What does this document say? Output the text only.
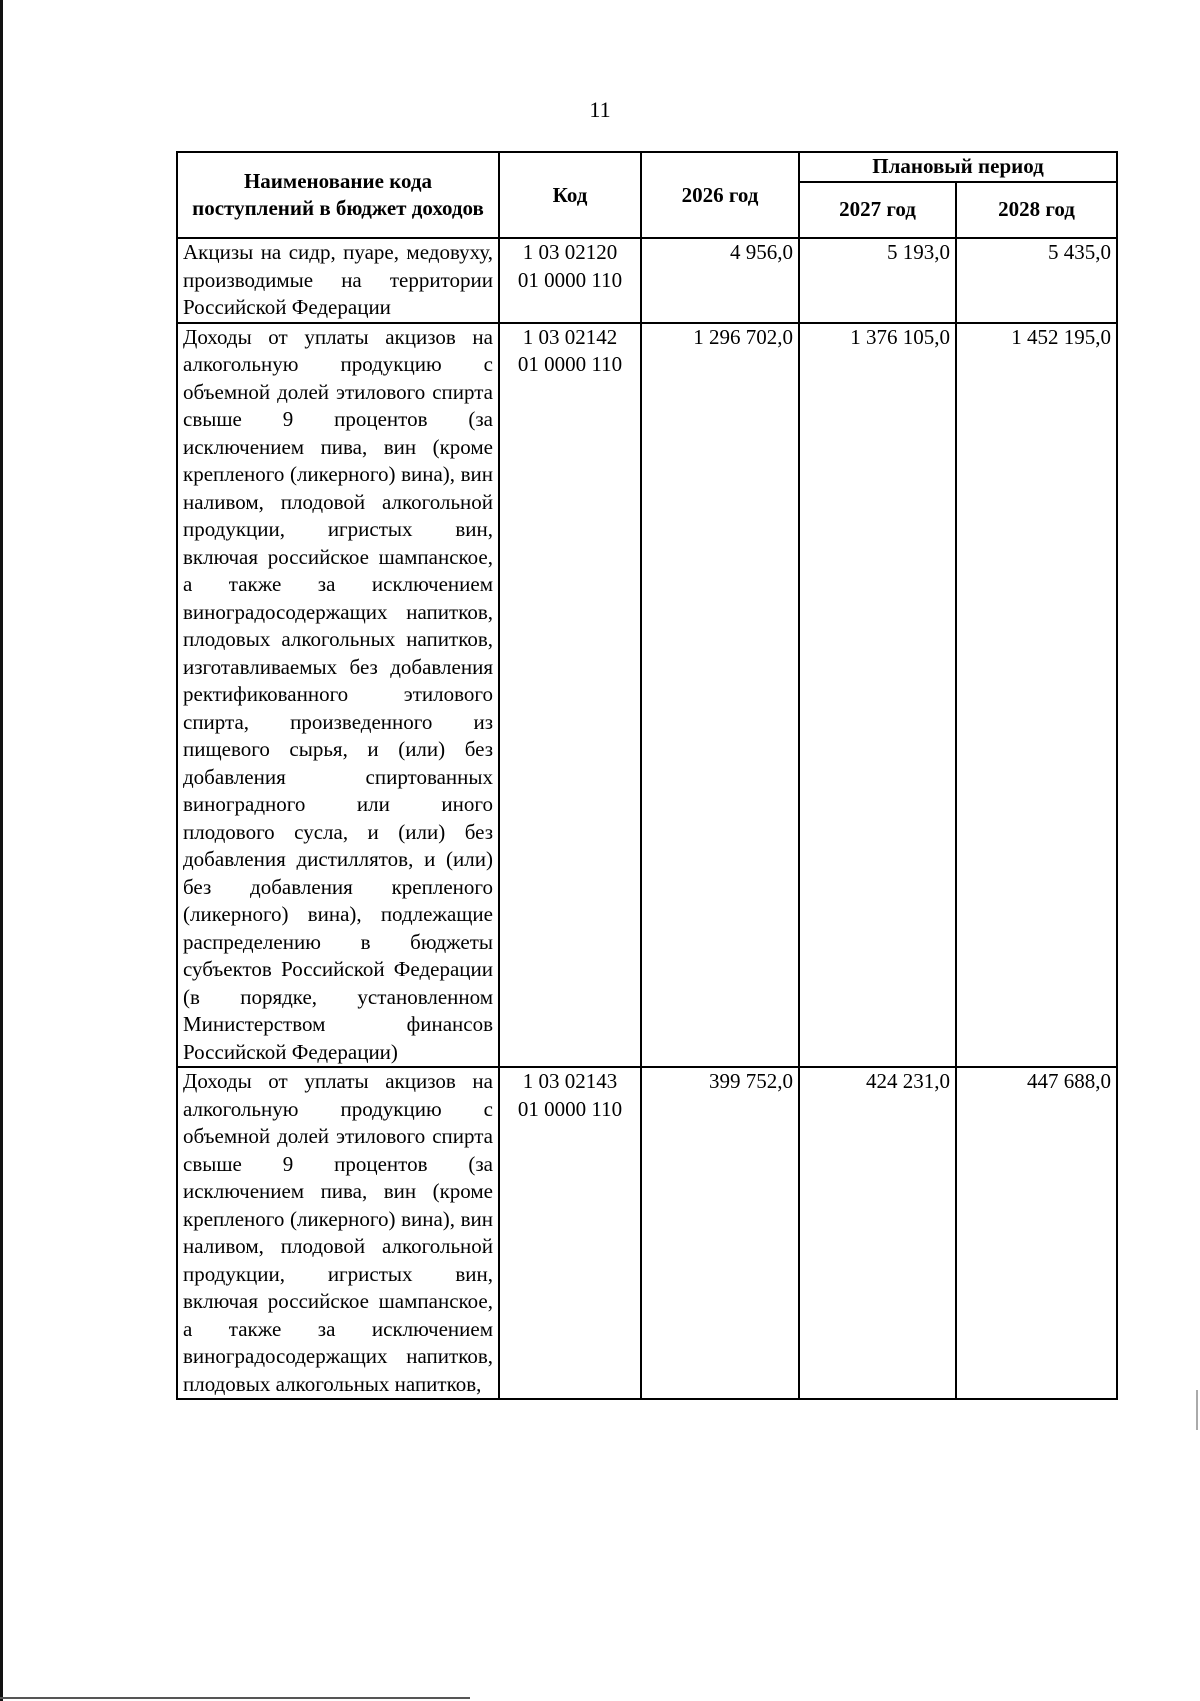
11
Наименование кода поступлений в бюджет доходов	Код	2026 год	Плановый период	
			2027 год	2028 год
Акцизы на сидр, пуаре, медовуху, производимые на территории Российской Федерации	1 03 02120
01 0000 110	4 956,0	5 193,0	5 435,0
Доходы от уплаты акцизов на алкогольную продукцию с объемной долей этилового спирта свыше 9 процентов (за исключением пива, вин (кроме крепленого (ликерного) вина), вин наливом, плодовой алкогольной продукции, игристых вин, включая российское шампанское, а также за исключением виноградосодержащих напитков, плодовых алкогольных напитков, изготавливаемых без добавления ректификованного этилового спирта, произведенного из пищевого сырья, и (или) без добавления спиртованных виноградного или иного плодового сусла, и (или) без добавления дистиллятов, и (или) без добавления крепленого (ликерного) вина), подлежащие распределению в бюджеты субъектов Российской Федерации (в порядке, установленном Министерством финансов Российской Федерации)	1 03 02142
01 0000 110	1 296 702,0	1 376 105,0	1 452 195,0
Доходы от уплаты акцизов на алкогольную продукцию с объемной долей этилового спирта свыше 9 процентов (за исключением пива, вин (кроме крепленого (ликерного) вина), вин наливом, плодовой алкогольной продукции, игристых вин, включая российское шампанское, а также за исключением виноградосодержащих напитков, плодовых алкогольных напитков,	1 03 02143
01 0000 110	399 752,0	424 231,0	447 688,0
